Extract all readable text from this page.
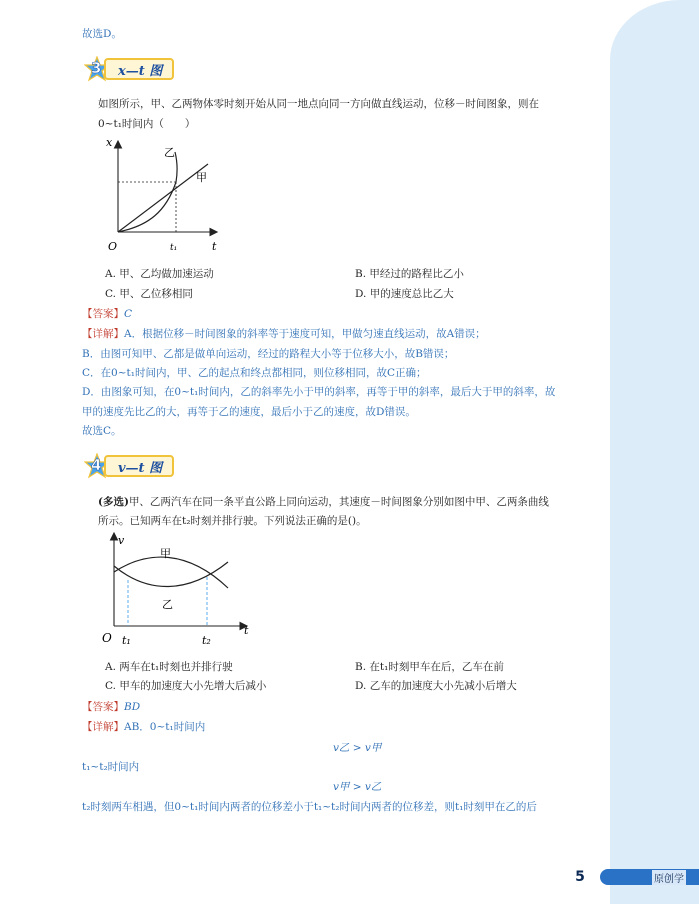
故选D。
3	x—t 图
如图所示，甲、乙两物体零时刻开始从同一地点向同一方向做直线运动，位移－时间图象，则在
0~t₁时间内（　　）
x
t
O	t₁
乙
甲
A. 甲、乙均做加速运动	B. 甲经过的路程比乙小
C. 甲、乙位移相同	D. 甲的速度总比乙大
【答案】C
【详解】A．根据位移－时间图象的斜率等于速度可知，甲做匀速直线运动，故A错误；
B．由图可知甲、乙都是做单向运动，经过的路程大小等于位移大小，故B错误；
C．在0~t₁时间内，甲、乙的起点和终点都相同，则位移相同，故C正确；
D．由图象可知，在0~t₁时间内，乙的斜率先小于甲的斜率，再等于甲的斜率，最后大于甲的斜率，故
甲的速度先比乙的大，再等于乙的速度，最后小于乙的速度，故D错误。
故选C。
4	v—t 图
(多选)甲、乙两汽车在同一条平直公路上同向运动，其速度－时间图象分别如图中甲、乙两条曲线
所示。已知两车在t₂时刻并排行驶。下列说法正确的是()。
v
t
O t₁	t₂
甲
乙
A. 两车在t₁时刻也并排行驶	B. 在t₁时刻甲车在后，乙车在前
C. 甲车的加速度大小先增大后减小	D. 乙车的加速度大小先减小后增大
【答案】BD
【详解】AB．0~t₁时间内
v乙 > v甲
t₁~t₂时间内
v甲 > v乙
t₂时刻两车相遇，但0~t₁时间内两者的位移差小于t₁~t₂时间内两者的位移差，则t₁时刻甲在乙的后
5	原创学
